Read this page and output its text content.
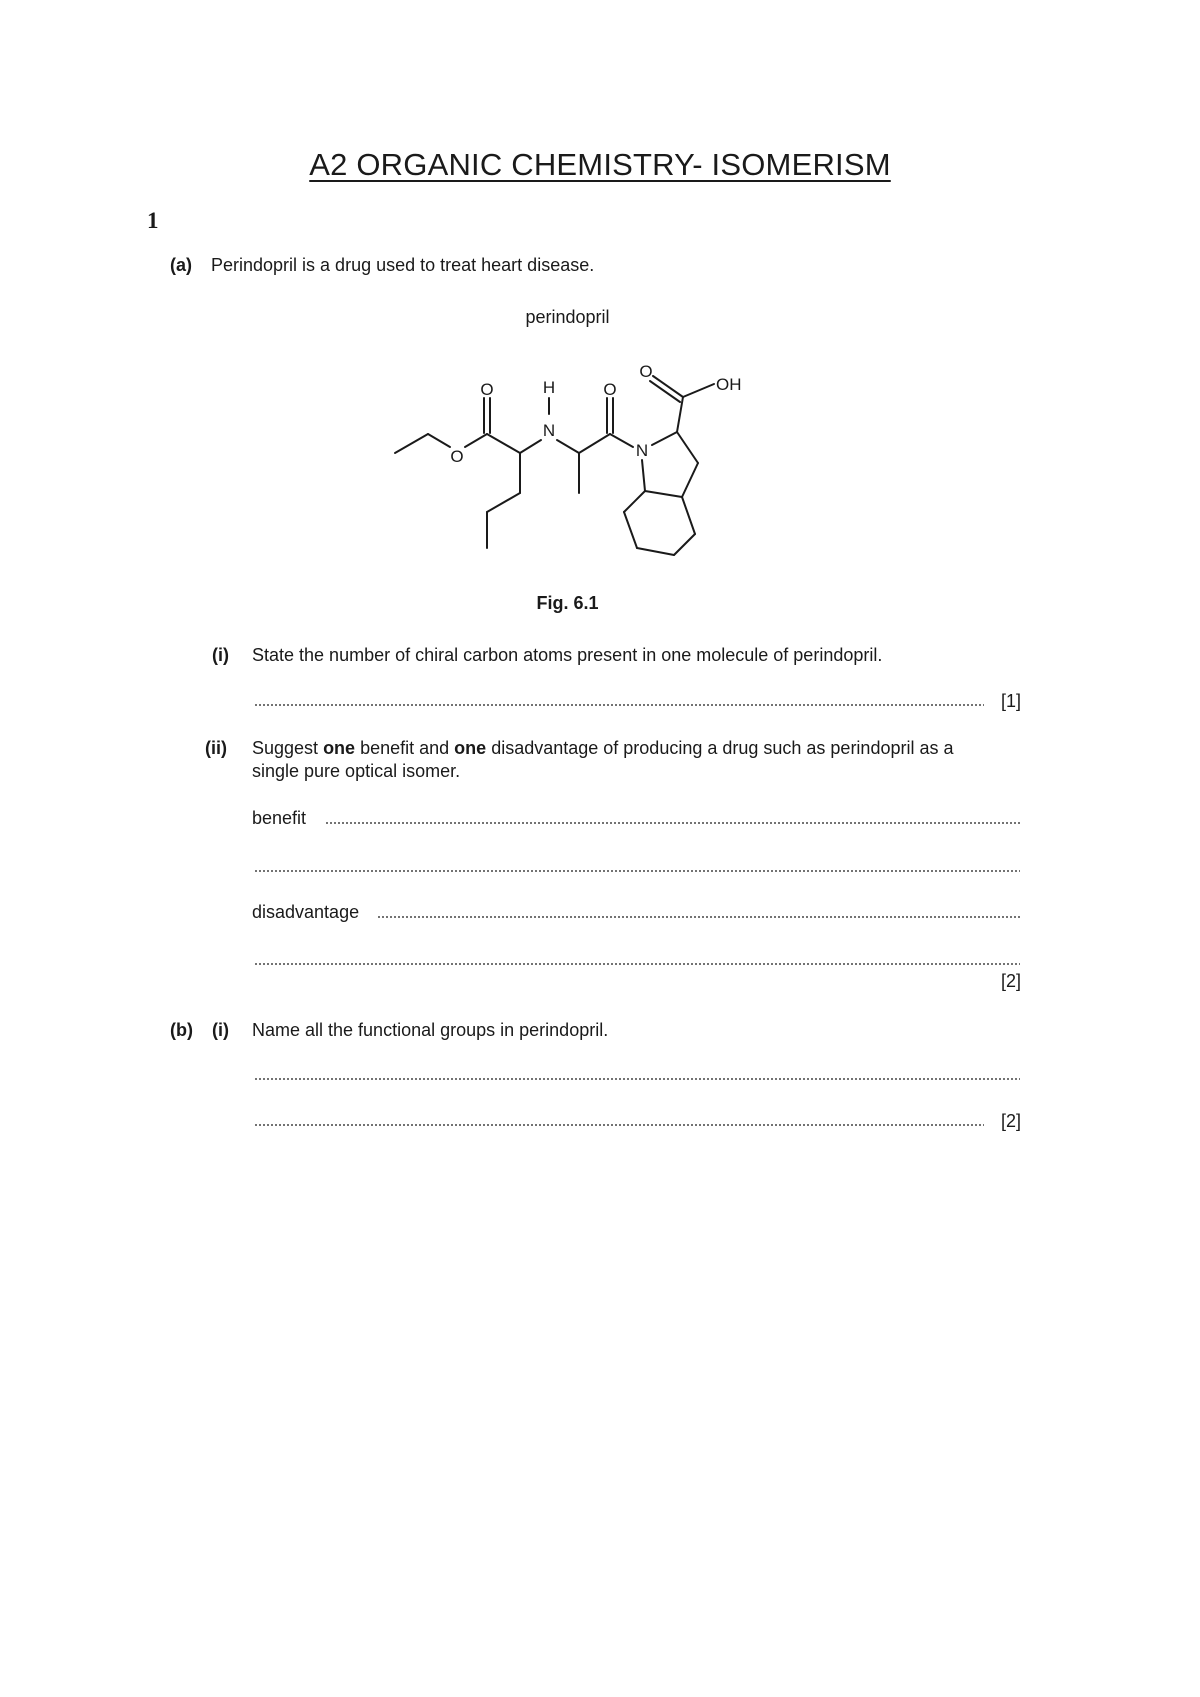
A2 ORGANIC CHEMISTRY- ISOMERISM
1
(a) Perindopril is a drug used to treat heart disease.
perindopril
O
O
H
N
O
N
O
OH
Fig. 6.1
(i) State the number of chiral carbon atoms present in one molecule of perindopril.
[1]
(ii) Suggest one benefit and one disadvantage of producing a drug such as perindopril as a
single pure optical isomer.
benefit
disadvantage
[2]
(b) (i) Name all the functional groups in perindopril.
[2]
